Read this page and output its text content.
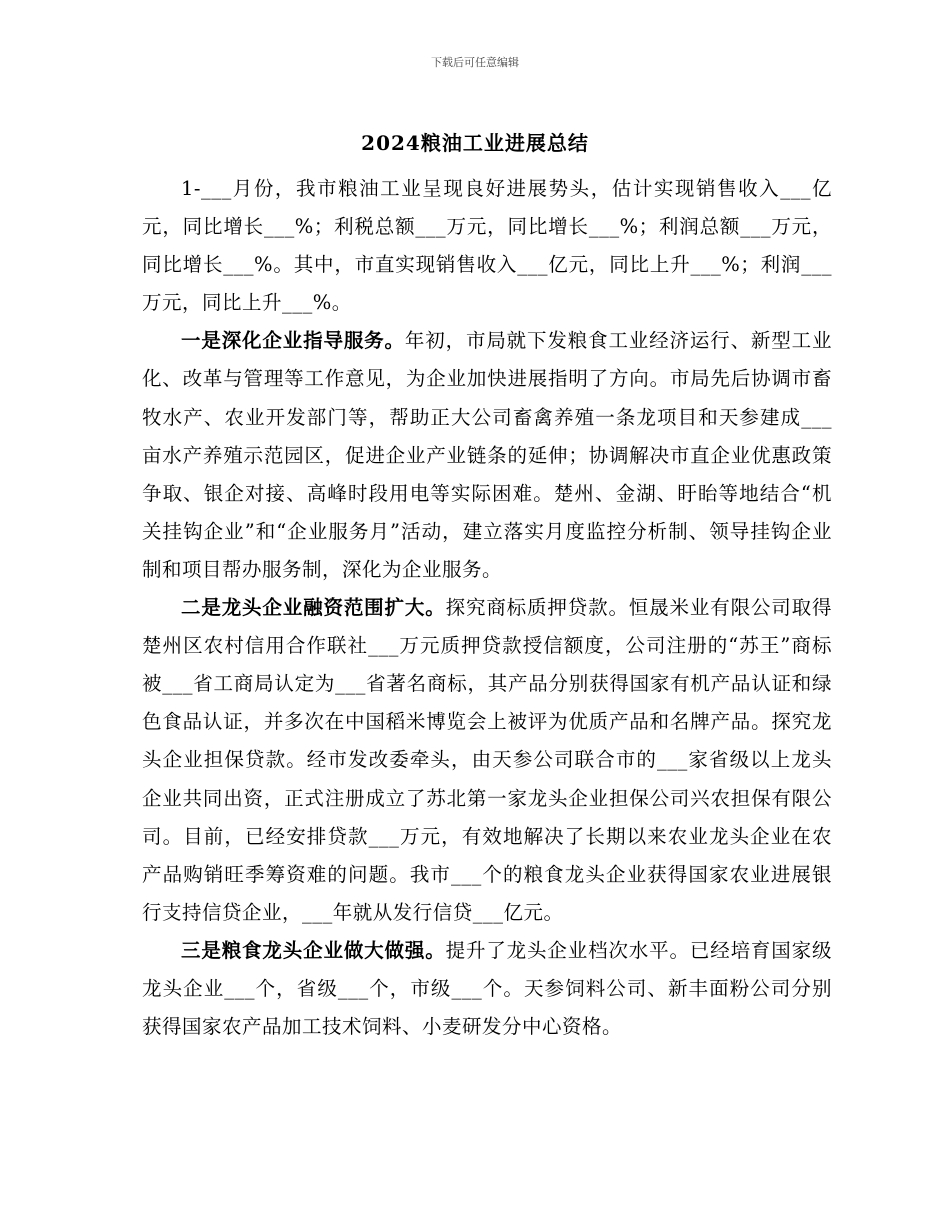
下载后可任意编辑
2024粮油工业进展总结

1-___月份，我市粮油工业呈现良好进展势头，估计实现销售收入___亿元，同比增长___%；利税总额___万元，同比增长___%；利润总额___万元，同比增长___%。其中，市直实现销售收入___亿元，同比上升___%；利润___万元，同比上升___%。

一是深化企业指导服务。年初，市局就下发粮食工业经济运行、新型工业化、改革与管理等工作意见，为企业加快进展指明了方向。市局先后协调市畜牧水产、农业开发部门等，帮助正大公司畜禽养殖一条龙项目和天参建成___亩水产养殖示范园区，促进企业产业链条的延伸；协调解决市直企业优惠政策争取、银企对接、高峰时段用电等实际困难。楚州、金湖、盱眙等地结合“机关挂钩企业”和“企业服务月”活动，建立落实月度监控分析制、领导挂钩企业制和项目帮办服务制，深化为企业服务。

二是龙头企业融资范围扩大。探究商标质押贷款。恒晟米业有限公司取得楚州区农村信用合作联社___万元质押贷款授信额度，公司注册的“苏王”商标被___省工商局认定为___省著名商标，其产品分别获得国家有机产品认证和绿色食品认证，并多次在中国稻米博览会上被评为优质产品和名牌产品。探究龙头企业担保贷款。经市发改委牵头，由天参公司联合市的___家省级以上龙头企业共同出资，正式注册成立了苏北第一家龙头企业担保公司兴农担保有限公司。目前，已经安排贷款___万元，有效地解决了长期以来农业龙头企业在农产品购销旺季筹资难的问题。我市___个的粮食龙头企业获得国家农业进展银行支持信贷企业，___年就从发行信贷___亿元。

三是粮食龙头企业做大做强。提升了龙头企业档次水平。已经培育国家级龙头企业___个，省级___个，市级___个。天参饲料公司、新丰面粉公司分别获得国家农产品加工技术饲料、小麦研发分中心资格。
